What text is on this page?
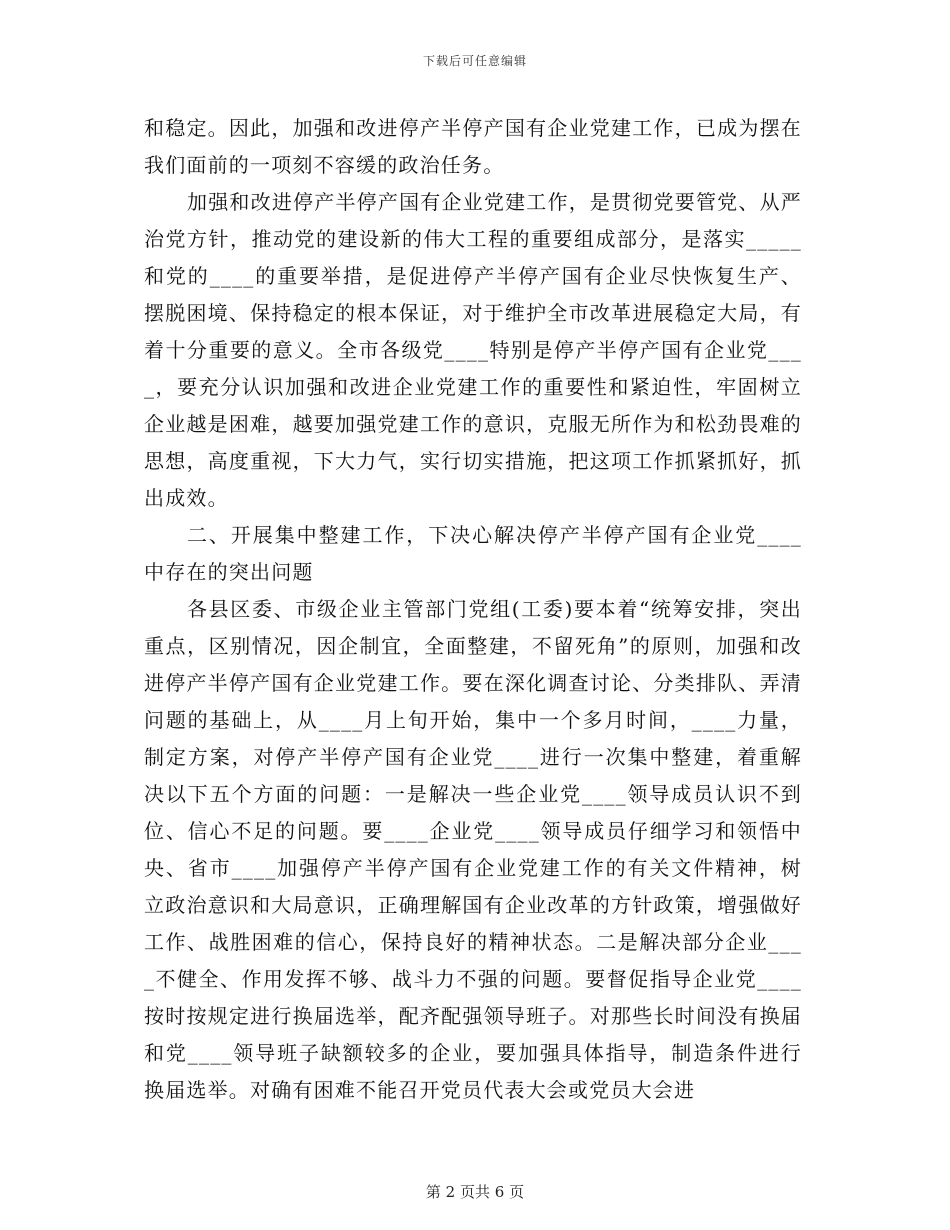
下载后可任意编辑

和稳定。因此，加强和改进停产半停产国有企业党建工作，已成为摆在我们面前的一项刻不容缓的政治任务。

加强和改进停产半停产国有企业党建工作，是贯彻党要管党、从严治党方针，推动党的建设新的伟大工程的重要组成部分，是落实_____和党的____的重要举措，是促进停产半停产国有企业尽快恢复生产、摆脱困境、保持稳定的根本保证，对于维护全市改革进展稳定大局，有着十分重要的意义。全市各级党____特别是停产半停产国有企业党____，要充分认识加强和改进企业党建工作的重要性和紧迫性，牢固树立企业越是困难，越要加强党建工作的意识，克服无所作为和松劲畏难的思想，高度重视，下大力气，实行切实措施，把这项工作抓紧抓好，抓出成效。

二、开展集中整建工作，下决心解决停产半停产国有企业党____中存在的突出问题

各县区委、市级企业主管部门党组(工委)要本着“统筹安排，突出重点，区别情况，因企制宜，全面整建，不留死角”的原则，加强和改进停产半停产国有企业党建工作。要在深化调查讨论、分类排队、弄清问题的基础上，从____月上旬开始，集中一个多月时间，____力量，制定方案，对停产半停产国有企业党____进行一次集中整建，着重解决以下五个方面的问题：一是解决一些企业党____领导成员认识不到位、信心不足的问题。要____企业党____领导成员仔细学习和领悟中央、省市____加强停产半停产国有企业党建工作的有关文件精神，树立政治意识和大局意识，正确理解国有企业改革的方针政策，增强做好工作、战胜困难的信心，保持良好的精神状态。二是解决部分企业____不健全、作用发挥不够、战斗力不强的问题。要督促指导企业党____按时按规定进行换届选举，配齐配强领导班子。对那些长时间没有换届和党____领导班子缺额较多的企业，要加强具体指导，制造条件进行换届选举。对确有困难不能召开党员代表大会或党员大会进

第 2 页共 6 页
